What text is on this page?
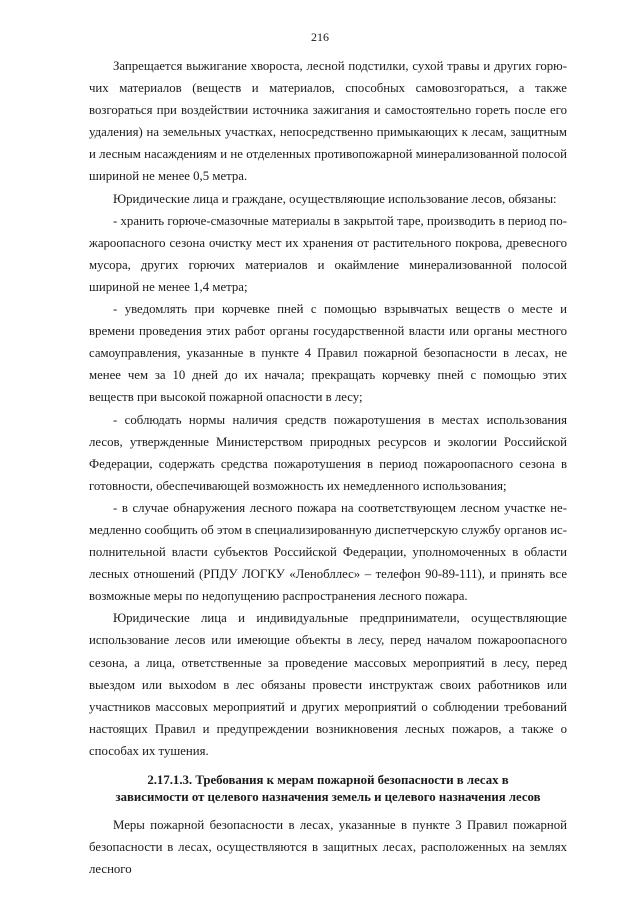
216

Запрещается выжигание хвороста, лесной подстилки, сухой травы и других горючих материалов (веществ и материалов, способных самовозгораться, а также возгораться при воздействии источника зажигания и самостоятельно гореть после его удаления) на земельных участках, непосредственно примыкающих к лесам, защитным и лесным насаждениям и не отделенных противопожарной минерализованной полосой шириной не менее 0,5 метра.

Юридические лица и граждане, осуществляющие использование лесов, обязаны:

- хранить горюче-смазочные материалы в закрытой таре, производить в период пожароопасного сезона очистку мест их хранения от растительного покрова, древесного мусора, других горючих материалов и окаймление минерализованной полосой шириной не менее 1,4 метра;

- уведомлять при корчевке пней с помощью взрывчатых веществ о месте и времени проведения этих работ органы государственной власти или органы местного самоуправления, указанные в пункте 4 Правил пожарной безопасности в лесах, не менее чем за 10 дней до их начала; прекращать корчевку пней с помощью этих веществ при высокой пожарной опасности в лесу;

- соблюдать нормы наличия средств пожаротушения в местах использования лесов, утвержденные Министерством природных ресурсов и экологии Российской Федерации, содержать средства пожаротушения в период пожароопасного сезона в готовности, обеспечивающей возможность их немедленного использования;

- в случае обнаружения лесного пожара на соответствующем лесном участке немедленно сообщить об этом в специализированную диспетчерскую службу органов исполнительной власти субъектов Российской Федерации, уполномоченных в области лесных отношений (РПДУ ЛОГКУ «Ленобллес» – телефон 90-89-111), и принять все возможные меры по недопущению распространения лесного пожара.

Юридические лица и индивидуальные предприниматели, осуществляющие использование лесов или имеющие объекты в лесу, перед началом пожароопасного сезона, а лица, ответственные за проведение массовых мероприятий в лесу, перед выездом или выхоdом в лес обязаны провести инструктаж своих работников или участников массовых мероприятий и других мероприятий о соблюдении требований настоящих Правил и предупреждении возникновения лесных пожаров, а также о способах их тушения.

2.17.1.3. Требования к мерам пожарной безопасности в лесах в
зависимости от целевого назначения земель и целевого назначения лесов

Меры пожарной безопасности в лесах, указанные в пункте 3 Правил пожарной безопасности в лесах, осуществляются в защитных лесах, расположенных на землях лесного
